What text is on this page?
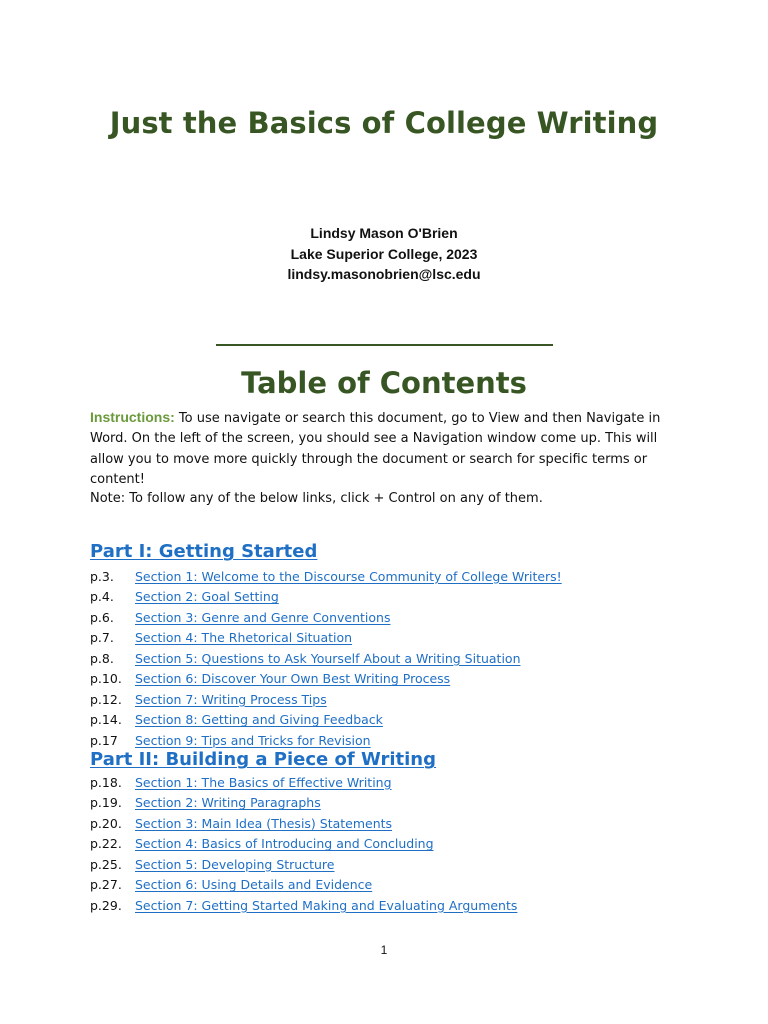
Just the Basics of College Writing
Lindsy Mason O'Brien
Lake Superior College, 2023
lindsy.masonobrien@lsc.edu
Table of Contents
Instructions: To use navigate or search this document, go to View and then Navigate in Word. On the left of the screen, you should see a Navigation window come up. This will allow you to move more quickly through the document or search for specific terms or content!
Note: To follow any of the below links, click + Control on any of them.
Part I: Getting Started
p.3.	Section 1: Welcome to the Discourse Community of College Writers!
p.4.	Section 2: Goal Setting
p.6.	Section 3: Genre and Genre Conventions
p.7.	Section 4: The Rhetorical Situation
p.8.	Section 5: Questions to Ask Yourself About a Writing Situation
p.10.	Section 6: Discover Your Own Best Writing Process
p.12.	Section 7: Writing Process Tips
p.14.	Section 8: Getting and Giving Feedback
p.17	Section 9: Tips and Tricks for Revision
Part II: Building a Piece of Writing
p.18.	Section 1: The Basics of Effective Writing
p.19.	Section 2: Writing Paragraphs
p.20.	Section 3: Main Idea (Thesis) Statements
p.22.	Section 4: Basics of Introducing and Concluding
p.25.	Section 5: Developing Structure
p.27.	Section 6: Using Details and Evidence
p.29.	Section 7: Getting Started Making and Evaluating Arguments
1
